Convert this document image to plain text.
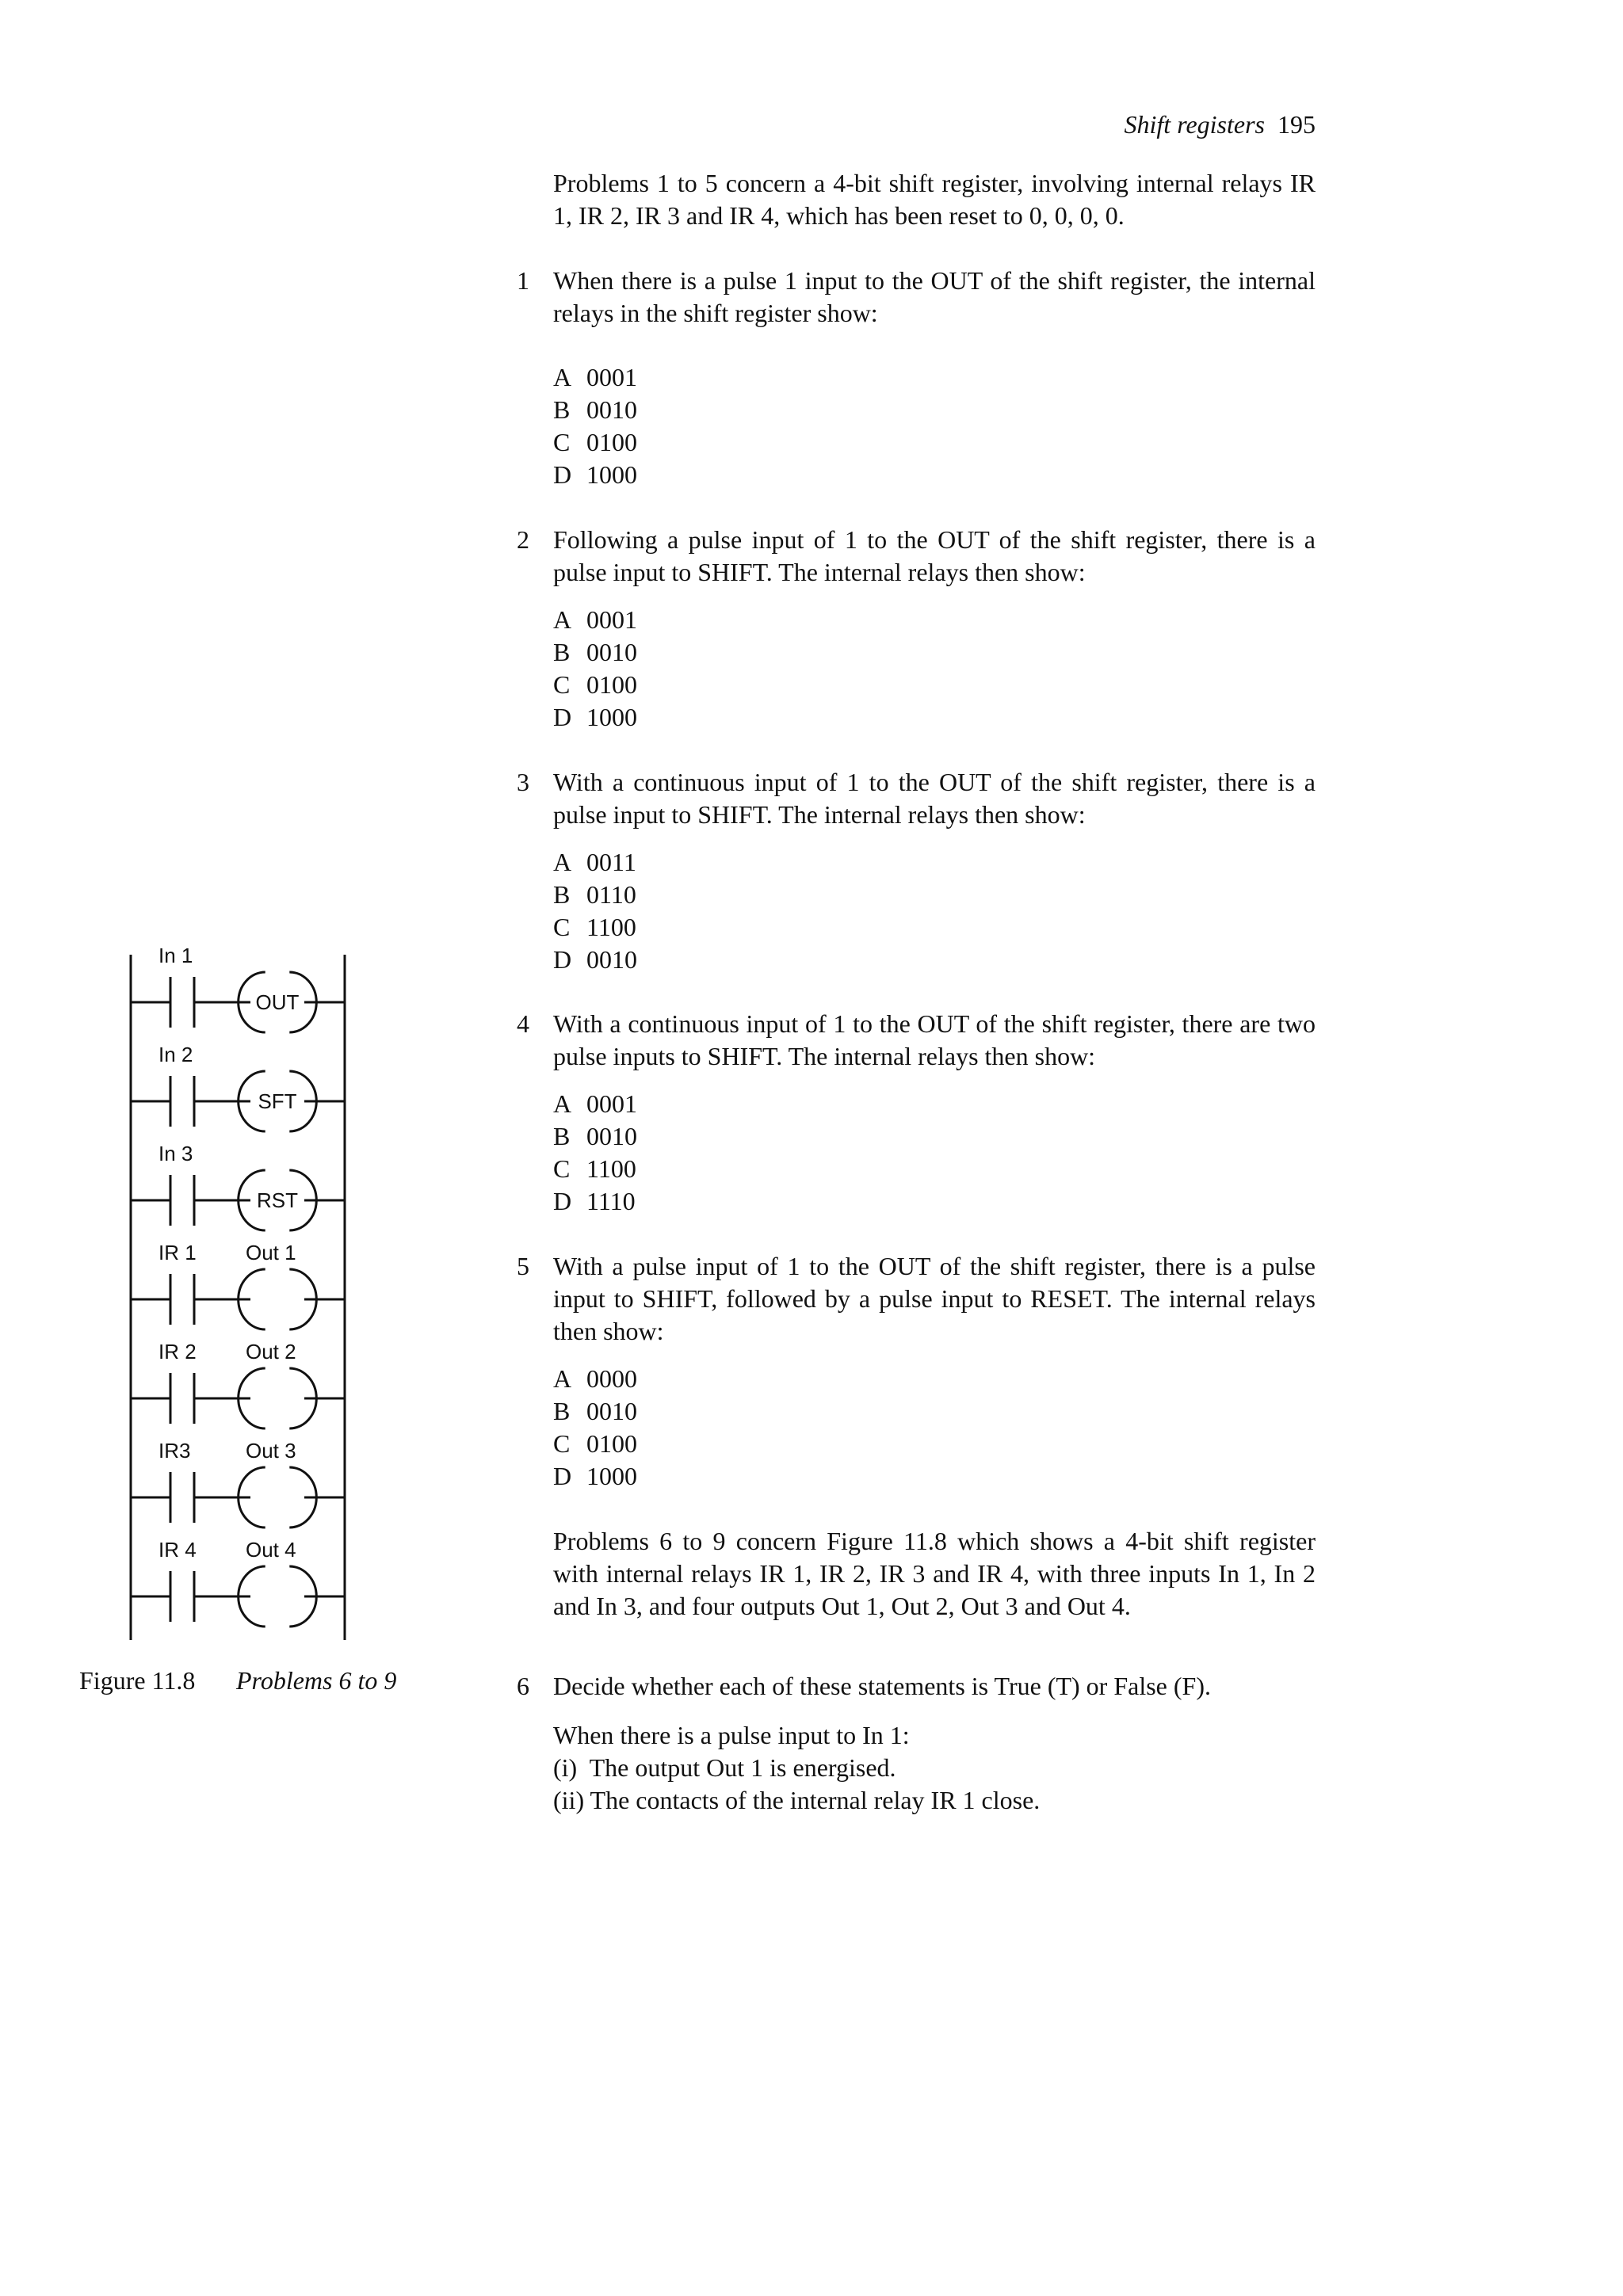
Shift registers 195
Problems 1 to 5 concern a 4-bit shift register, involving internal relays IR 1, IR 2, IR 3 and IR 4, which has been reset to 0, 0, 0, 0.
1 When there is a pulse 1 input to the OUT of the shift register, the internal relays in the shift register show:
A 0001
B 0010
C 0100
D 1000
2 Following a pulse input of 1 to the OUT of the shift register, there is a pulse input to SHIFT. The internal relays then show:
A 0001
B 0010
C 0100
D 1000
3 With a continuous input of 1 to the OUT of the shift register, there is a pulse input to SHIFT. The internal relays then show:
A 0011
B 0110
C 1100
D 0010
4 With a continuous input of 1 to the OUT of the shift register, there are two pulse inputs to SHIFT. The internal relays then show:
A 0001
B 0010
C 1100
D 1110
5 With a pulse input of 1 to the OUT of the shift register, there is a pulse input to SHIFT, followed by a pulse input to RESET. The internal relays then show:
A 0000
B 0010
C 0100
D 1000
Problems 6 to 9 concern Figure 11.8 which shows a 4-bit shift register with internal relays IR 1, IR 2, IR 3 and IR 4, with three inputs In 1, In 2 and In 3, and four outputs Out 1, Out 2, Out 3 and Out 4.
6 Decide whether each of these statements is True (T) or False (F).
When there is a pulse input to In 1:
(i)  The output Out 1 is energised.
(ii) The contacts of the internal relay IR 1 close.
In 1
OUT
In 2
SFT
In 3
RST
IR 1 Out 1
IR 2 Out 2
IR3	Out 3
IR 4 Out 4
Figure 11.8 Problems 6 to 9
